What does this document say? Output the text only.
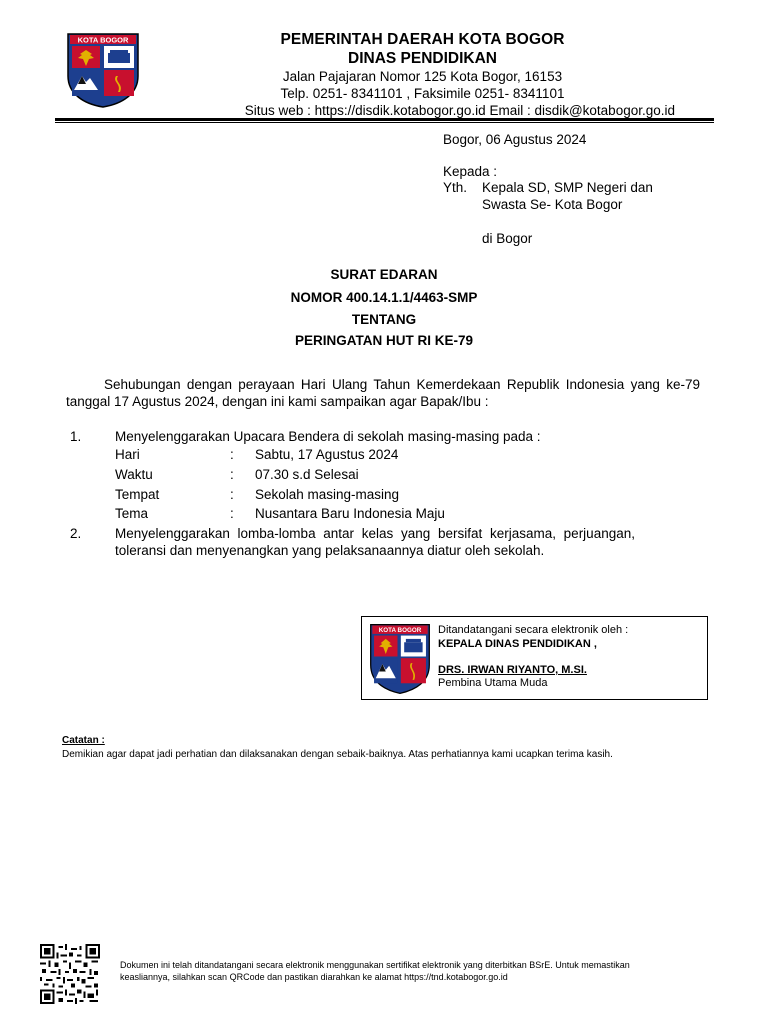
KOTA BOGOR	PEMERINTAH DAERAH KOTA BOGOR
DINAS PENDIDIKAN
Jalan Pajajaran Nomor 125 Kota Bogor, 16153
Telp. 0251- 8341101 , Faksimile 0251- 8341101
Situs web : https://disdik.kotabogor.go.id Email : disdik@kotabogor.go.id
Bogor, 06 Agustus 2024
Kepada :
Yth. Kepala SD, SMP Negeri dan
Swasta Se- Kota Bogor
di Bogor
SURAT EDARAN
NOMOR 400.14.1.1/4463-SMP
TENTANG
PERINGATAN HUT RI KE-79
Sehubungan dengan perayaan Hari Ulang Tahun Kemerdekaan Republik Indonesia yang ke-79 tanggal 17 Agustus 2024, dengan ini kami sampaikan agar Bapak/Ibu :
1. Menyelenggarakan Upacara Bendera di sekolah masing-masing pada :
Hari	: Sabtu, 17 Agustus 2024
Waktu	: 07.30 s.d Selesai
Tempat	: Sekolah masing-masing
Tema	: Nusantara Baru Indonesia Maju
2. Menyelenggarakan lomba-lomba antar kelas yang bersifat kerjasama, perjuangan, toleransi dan menyenangkan yang pelaksanaannya diatur oleh sekolah.
KOTA BOGOR Ditandatangani secara elektronik oleh :
KEPALA DINAS PENDIDIKAN ,
DRS. IRWAN RIYANTO, M.SI.
Pembina Utama Muda
Catatan :
Demikian agar dapat jadi perhatian dan dilaksanakan dengan sebaik-baiknya. Atas perhatiannya kami ucapkan terima kasih.
Dokumen ini telah ditandatangani secara elektronik menggunakan sertifikat elektronik yang diterbitkan BSrE. Untuk memastikan
keasliannya, silahkan scan QRCode dan pastikan diarahkan ke alamat https://tnd.kotabogor.go.id
